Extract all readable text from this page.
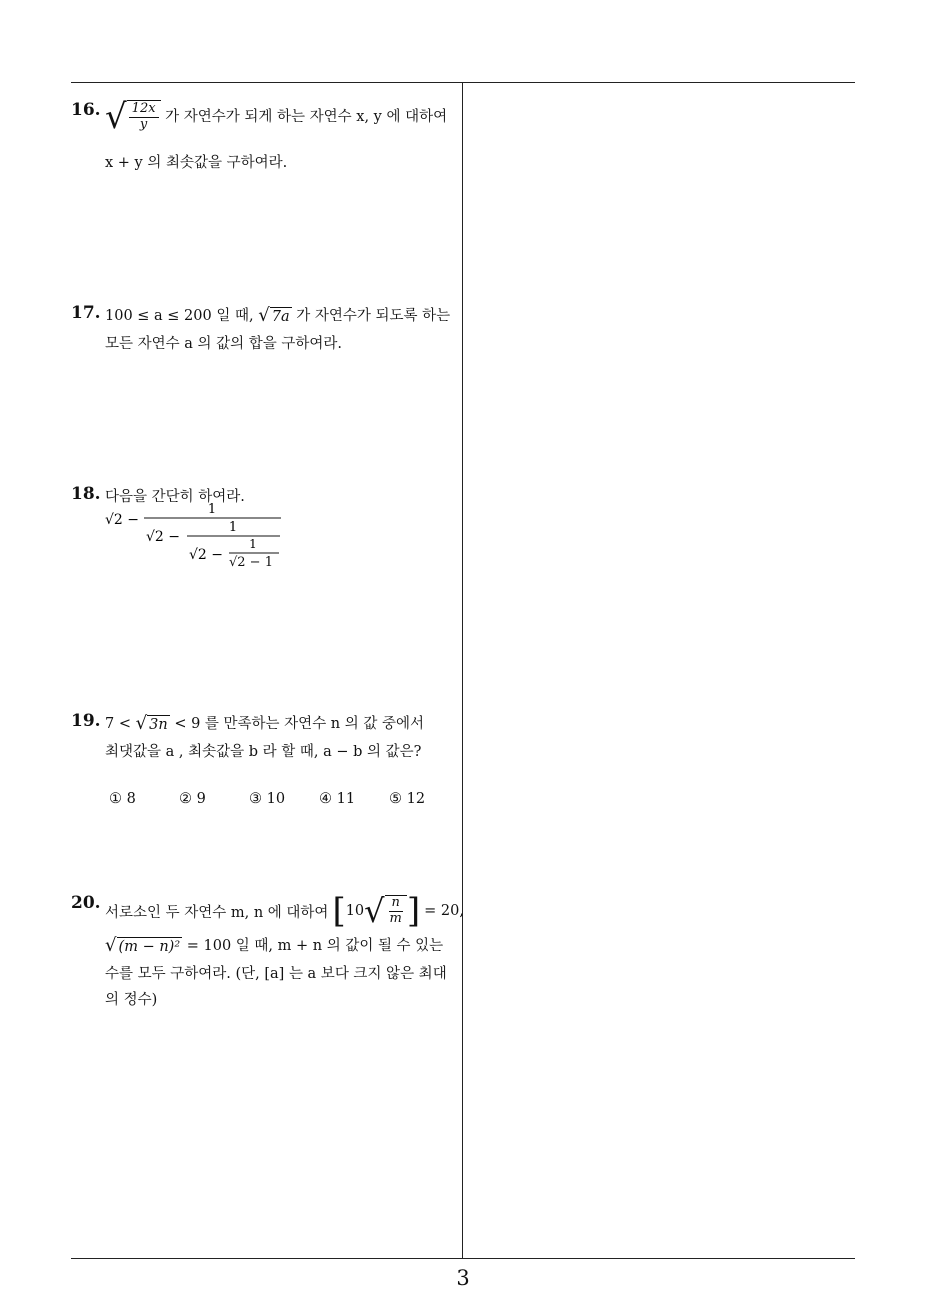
16. √ $\frac{12x}{y}$ 가 자연수가 되게 하는 자연수 x, y 에 대하여
x + y 의 최솟값을 구하여라.
17. 100 ≤ a ≤ 200 일 때, √ 7a 가 자연수가 되도록 하는
모든 자연수 a 의 값의 합을 구하여라.
18. 다음을 간단히 하여라.
√2 −
1
√2 −
1
√2 −
1
√2 − 1
19. 7 < √ 3n < 9 를 만족하는 자연수 n 의 값 중에서
최댓값을 a , 최솟값을 b 라 할 때, a − b 의 값은?
① 8	② 9	③ 10 ④ 11 ⑤ 12
20. 서로소인 두 자연수 m, n 에 대하여 [ 10 √ $\frac{n}{m}$ ] = 20,
√ (m − n)² = 100 일 때, m + n 의 값이 될 수 있는
수를 모두 구하여라. (단, [a] 는 a 보다 크지 않은 최대
의 정수)
3
